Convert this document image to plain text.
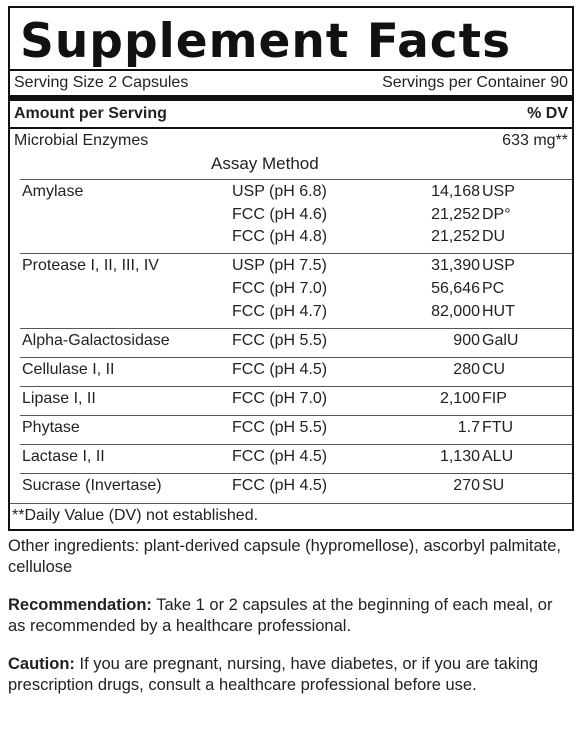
Supplement Facts
Serving Size 2 Capsules	Servings per Container 90
Amount per Serving	% DV
Microbial Enzymes	633 mg**
Assay Method
Amylase	USP (pH 6.8)	14,168 USP
FCC (pH 4.6)	21,252 DP°
FCC (pH 4.8)	21,252 DU
Protease I, II, III, IV	USP (pH 7.5)	31,390 USP
FCC (pH 7.0)	56,646 PC
FCC (pH 4.7)	82,000 HUT
Alpha-Galactosidase	FCC (pH 5.5)	900 GalU
Cellulase I, II	FCC (pH 4.5)	280 CU
Lipase I, II	FCC (pH 7.0)	2,100 FIP
Phytase	FCC (pH 5.5)	1.7 FTU
Lactase I, II	FCC (pH 4.5)	1,130 ALU
Sucrase (Invertase)	FCC (pH 4.5)	270 SU
**Daily Value (DV) not established.
Other ingredients: plant-derived capsule (hypromellose), ascorbyl palmitate, cellulose
Recommendation: Take 1 or 2 capsules at the beginning of each meal, or as recommended by a healthcare professional.
Caution: If you are pregnant, nursing, have diabetes, or if you are taking prescription drugs, consult a healthcare professional before use.
